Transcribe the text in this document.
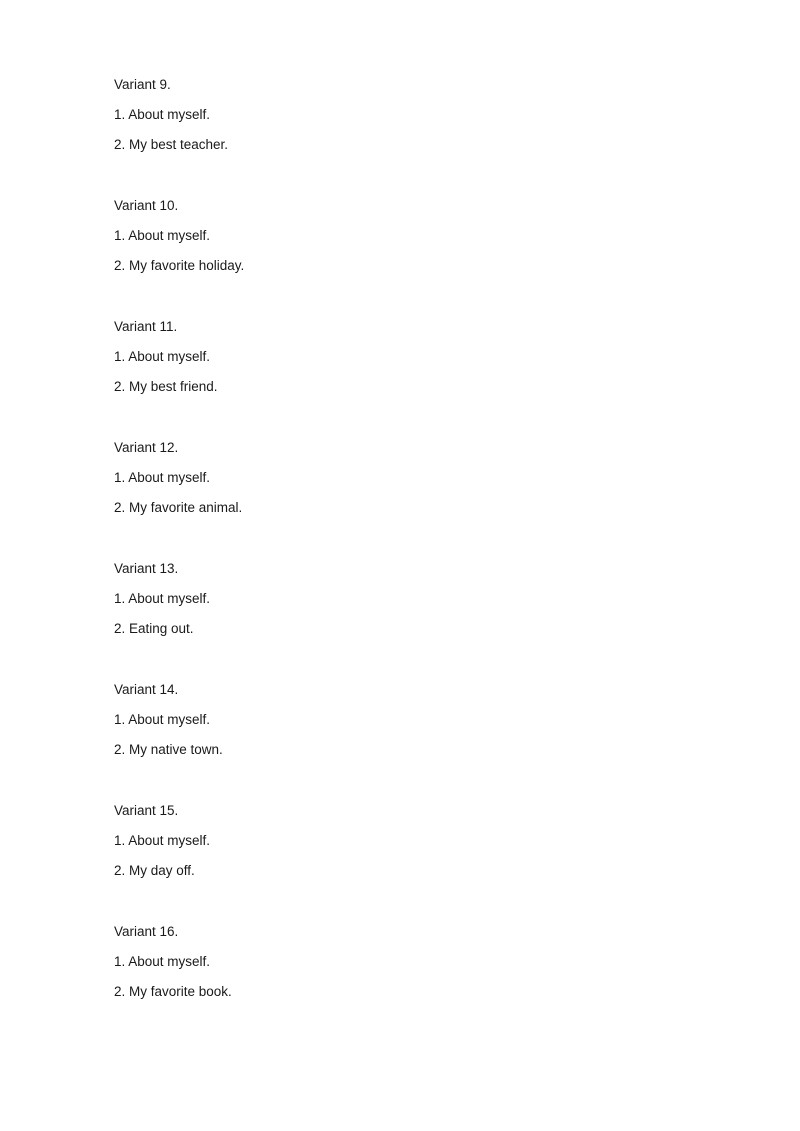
Variant 9.
1. About myself.
2. My best teacher.
Variant 10.
1. About myself.
2. My favorite holiday.
Variant 11.
1. About myself.
2. My best friend.
Variant 12.
1. About myself.
2. My favorite animal.
Variant 13.
1. About myself.
2. Eating out.
Variant 14.
1. About myself.
2. My native town.
Variant 15.
1. About myself.
2. My day off.
Variant 16.
1. About myself.
2. My favorite book.
